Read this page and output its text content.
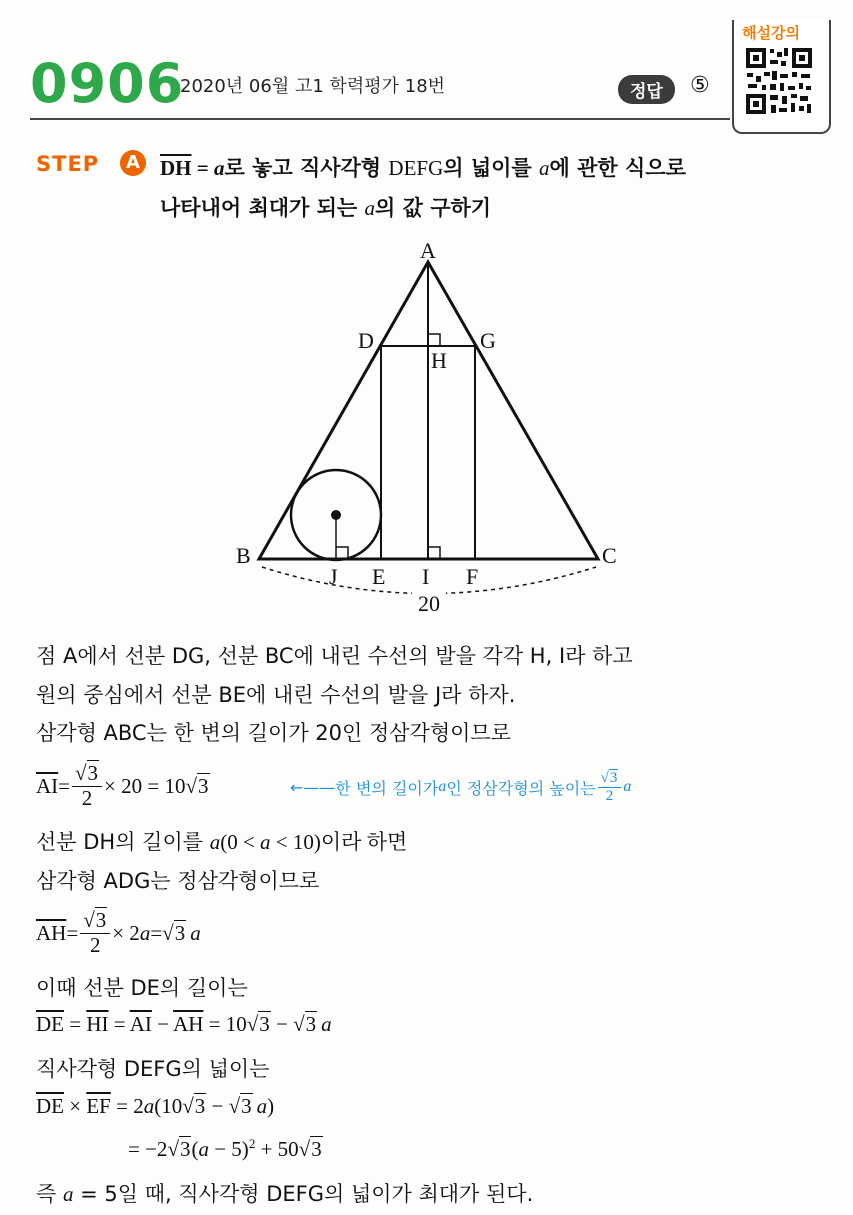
0906
2020년 06월 고1 학력평가 18번	정답	⑤
해설강의
STEP	A $\overline{DH} = a$로 놓고 직사각형 DEFG의 넓이를 a에 관한 식으로
나타내어 최대가 되는 a의 값 구하기
A
D	G
H
B	C
J E I F
20
점 A에서 선분 DG, 선분 BC에 내린 수선의 발을 각각 H, I라 하고
원의 중심에서 선분 BE에 내린 수선의 발을 J라 하자.
삼각형 ABC는 한 변의 길이가 20인 정삼각형이므로
$\overline{AI} = \frac{√3}{2} \times 20 = 10$ √3	←—— 한 변의 길이가 a 인 정삼각형의 높이는 $\frac{√3}{2}$ a
선분 DH의 길이를 a(0 < a < 10)이라 하면
삼각형 ADG는 정삼각형이므로
$\overline{AH} = \frac{√3}{2} \times 2$ a = √3 a
이때 선분 DE의 길이는
$\overline{DE} = \overline{HI} = \overline{AI} - \overline{AH} = 10√3 - √3$ a
직사각형 DEFG의 넓이는
$\overline{DE} \times \overline{EF} = 2a(10√3 - √3$ a)
= $-2√3(a - 5)^2 + 50√3$
즉 a = 5일 때, 직사각형 DEFG의 넓이가 최대가 된다.
